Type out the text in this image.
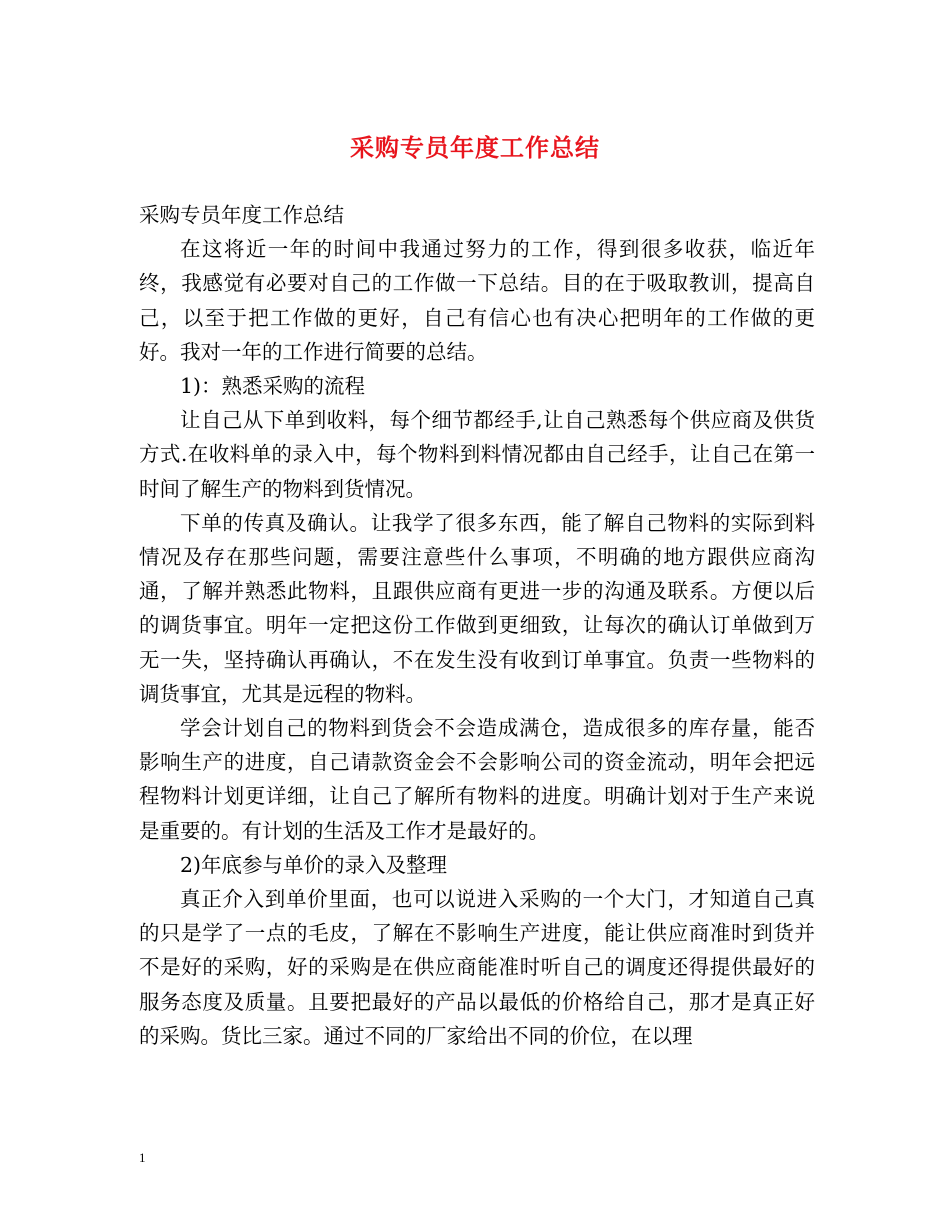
采购专员年度工作总结

采购专员年度工作总结

在这将近一年的时间中我通过努力的工作，得到很多收获，临近年终，我感觉有必要对自己的工作做一下总结。目的在于吸取教训，提高自己，以至于把工作做的更好，自己有信心也有决心把明年的工作做的更好。我对一年的工作进行简要的总结。

1)：熟悉采购的流程

让自己从下单到收料，每个细节都经手,让自己熟悉每个供应商及供货方式.在收料单的录入中，每个物料到料情况都由自己经手，让自己在第一时间了解生产的物料到货情况。

下单的传真及确认。让我学了很多东西，能了解自己物料的实际到料情况及存在那些问题，需要注意些什么事项，不明确的地方跟供应商沟通，了解并熟悉此物料，且跟供应商有更进一步的沟通及联系。方便以后的调货事宜。明年一定把这份工作做到更细致，让每次的确认订单做到万无一失，坚持确认再确认，不在发生没有收到订单事宜。负责一些物料的调货事宜，尤其是远程的物料。

学会计划自己的物料到货会不会造成满仓，造成很多的库存量，能否影响生产的进度，自己请款资金会不会影响公司的资金流动，明年会把远程物料计划更详细，让自己了解所有物料的进度。明确计划对于生产来说是重要的。有计划的生活及工作才是最好的。

2)年底参与单价的录入及整理

真正介入到单价里面，也可以说进入采购的一个大门，才知道自己真的只是学了一点的毛皮，了解在不影响生产进度，能让供应商准时到货并不是好的采购，好的采购是在供应商能准时听自己的调度还得提供最好的服务态度及质量。且要把最好的产品以最低的价格给自己，那才是真正好的采购。货比三家。通过不同的厂家给出不同的价位，在以理

1
